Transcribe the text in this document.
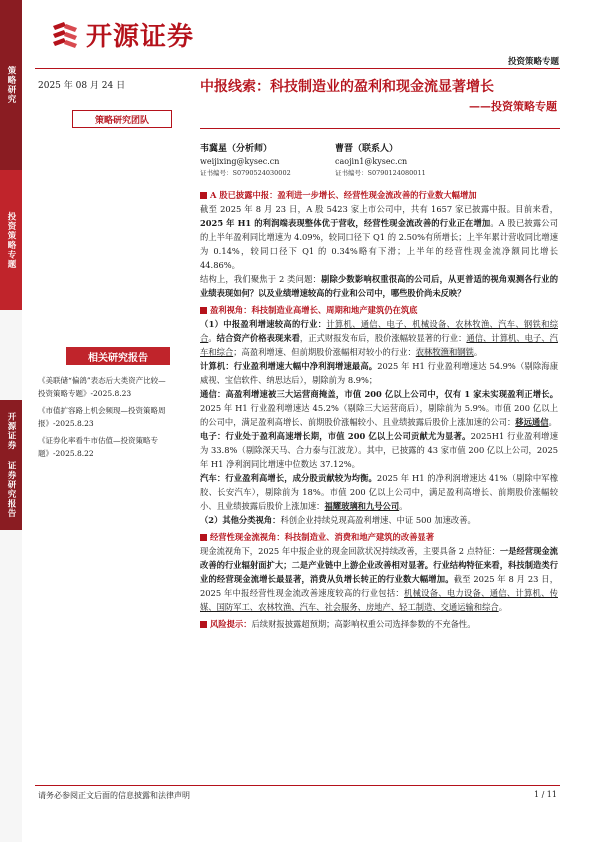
策略研究
投资策略专题
开源证券 证券研究报告
开源证券
投资策略专题
2025 年 08 月 24 日	中报线索：科技制造业的盈利和现金流显著增长
——投资策略专题
策略研究团队
韦冀星（分析师）
weijixing@kysec.cn
证书编号：S0790524030002
曹晋（联系人）
caojin1@kysec.cn
证书编号：S0790124080011
相关研究报告
《美联储“偏鸽”表态后大类资产比较—投资策略专题》-2025.8.23
《市值扩容路上机会频现—投资策略周报》-2025.8.23
《证券化率看牛市估值—投资策略专题》-2025.8.22

A 股已披露中报：盈利进一步增长、经营性现金流改善的行业数大幅增加

截至 2025 年 8 月 23 日，A 股 5423 家上市公司中，共有 1657 家已披露中报。目前来看，2025 年 H1 的利润端表现整体优于营收，经营性现金流改善的行业正在增加。A 股已披露公司的上半年盈利同比增速为 4.09%，较同口径下 Q1 的 2.50%有所增长；上半年累计营收同比增速为 0.14%，较同口径下 Q1 的 0.34%略有下滑；上半年的经营性现金流净额同比增长 44.86%。

结构上，我们聚焦于 2 类问题：剔除少数影响权重很高的公司后，从更普适的视角观测各行业的业绩表现如何？以及业绩增速较高的行业和公司中，哪些股价尚未反映？

盈利视角：科技制造业高增长、周期和地产建筑仍在筑底

（1）中报盈利增速较高的行业：计算机、通信、电子、机械设备、农林牧渔、汽车、钢铁和综合。结合资产价格表现来看，正式财报发布后，股价涨幅较显著的行业：通信、计算机、电子、汽车和综合；高盈利增速、但前期股价涨幅相对较小的行业：农林牧渔和钢铁。

计算机：行业盈利增速大幅中净利润增速最高。2025 年 H1 行业盈利增速达 54.9%（剔除海康威视、宝信软件、纳思达后），剔除前为 8.9%；

通信：高盈利增速被三大运营商掩盖，市值 200 亿以上公司中，仅有 1 家未实现盈利正增长。2025 年 H1 行业盈利增速达 45.2%（剔除三大运营商后），剔除前为 5.9%。市值 200 亿以上的公司中，满足盈利高增长、前期股价涨幅较小、且业绩披露后股价上涨加速的公司：移远通信。

电子：行业处于盈利高速增长期，市值 200 亿以上公司贡献尤为显著。2025H1 行业盈利增速为 33.8%（剔除深天马、合力泰与江波龙）。其中，已披露的 43 家市值 200 亿以上公司，2025 年 H1 净利润同比增速中位数达 37.12%。

汽车：行业盈利高增长，成分股贡献较为均衡。2025 年 H1 的净利润增速达 41%（剔除中军橡胶、长安汽车），剔除前为 18%。市值 200 亿以上公司中，满足盈利高增长、前期股价涨幅较小、且业绩披露后股价上涨加速：福耀玻璃和九号公司。

（2）其他分类视角：科创企业持续兑现高盈利增速、中证 500 加速改善。

经营性现金流视角：科技制造业、消费和地产建筑的改善显著

现金流视角下，2025 年中报企业的现金回款状况持续改善，主要具备 2 点特征：一是经营现金流改善的行业辐射面扩大；二是产业链中上游企业改善相对显著。行业结构特征来看，科技制造类行业的经营现金流增长最显著，消费从负增长转正的行业数大幅增加。截至 2025 年 8 月 23 日，2025 年中报经营性现金流改善速度较高的行业包括：机械设备、电力设备、通信、计算机、传媒、国防军工、农林牧渔、汽车、社会服务、房地产、轻工制造、交通运输和综合。

风险提示：后续财报披露超预期；高影响权重公司选择参数的不充备性。

请务必参阅正文后面的信息披露和法律声明	1 / 11
